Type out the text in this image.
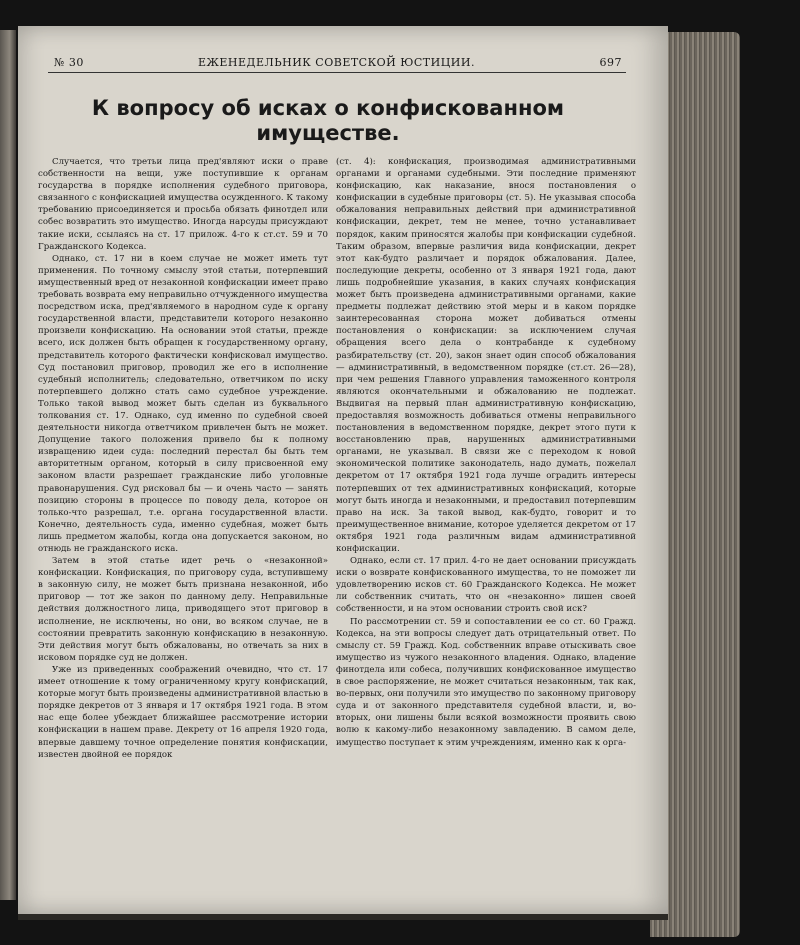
№ 30	ЕЖЕНЕДЕЛЬНИК СОВЕТСКОЙ ЮСТИЦИИ.	697
К вопросу об исках о конфискованном имуществе.

Случается, что третьи лица пред'являют иски о праве собственности на вещи, уже поступившие к органам государства в порядке исполнения судебного приговора, связанного с конфискацией имущества осужденного. К такому требованию присоединяется и просьба обязать финотдел или собес возвратить это имущество. Иногда нарсуды присуждают такие иски, ссылаясь на ст. 17 прилож. 4-го к ст.ст. 59 и 70 Гражданского Кодекса.

Однако, ст. 17 ни в коем случае не может иметь тут применения. По точному смыслу этой статьи, потерпевший имущественный вред от незаконной конфискации имеет право требовать возврата ему неправильно отчужденного имущества посредством иска, пред'являемого в народном суде к органу государственной власти, представители которого незаконно произвели конфискацию. На основании этой статьи, прежде всего, иск должен быть обращен к государственному органу, представитель которого фактически конфисковал имущество. Суд постановил приговор, проводил же его в исполнение судебный исполнитель; следовательно, ответчиком по иску потерпевшего должно стать само судебное учреждение. Только такой вывод может быть сделан из буквального толкования ст. 17. Однако, суд именно по судебной своей деятельности никогда ответчиком привлечен быть не может. Допущение такого положения привело бы к полному извращению идеи суда: последний перестал бы быть тем авторитетным органом, который в силу присвоенной ему законом власти разрешает гражданские либо уголовные правонарушения. Суд рисковал бы — и очень часто — занять позицию стороны в процессе по поводу дела, которое он только-что разрешал, т.е. органа государственной власти. Конечно, деятельность суда, именно судебная, может быть лишь предметом жалобы, когда она допускается законом, но отнюдь не гражданского иска.

Затем в этой статье идет речь о «незаконной» конфискации. Конфискация, по приговору суда, вступившему в законную силу, не может быть признана незаконной, ибо приговор — тот же закон по данному делу. Неправильные действия должностного лица, приводящего этот приговор в исполнение, не исключены, но они, во всяком случае, не в состоянии превратить законную конфискацию в незаконную. Эти действия могут быть обжалованы, но отвечать за них в исковом порядке суд не должен.

Уже из приведенных соображений очевидно, что ст. 17 имеет отношение к тому ограниченному кругу конфискаций, которые могут быть произведены административной властью в порядке декретов от 3 января и 17 октября 1921 года. В этом нас еще более убеждает ближайшее рассмотрение истории конфискации в нашем праве. Декрету от 16 апреля 1920 года, впервые давшему точное определение понятия конфискации, известен двойной ее порядок

(ст. 4): конфискация, производимая административными органами и органами судебными. Эти последние применяют конфискацию, как наказание, внося постановления о конфискации в судебные приговоры (ст. 5). Не указывая способа обжалования неправильных действий при административной конфискации, декрет, тем не менее, точно устанавливает порядок, каким приносятся жалобы при конфискации судебной. Таким образом, впервые различия вида конфискации, декрет этот как-будто различает и порядок обжалования. Далее, последующие декреты, особенно от 3 января 1921 года, дают лишь подробнейшие указания, в каких случаях конфискация может быть произведена административными органами, какие предметы подлежат действию этой меры и в каком порядке заинтересованная сторона может добиваться отмены постановления о конфискации: за исключением случая обращения всего дела о контрабанде к судебному разбирательству (ст. 20), закон знает один способ обжалования — административный, в ведомственном порядке (ст.ст. 26—28), при чем решения Главного управления таможенного контроля являются окончательными и обжалованию не подлежат. Выдвигая на первый план административную конфискацию, предоставляя возможность добиваться отмены неправильного постановления в ведомственном порядке, декрет этого пути к восстановлению прав, нарушенных административными органами, не указывал. В связи же с переходом к новой экономической политике законодатель, надо думать, пожелал декретом от 17 октября 1921 года лучше оградить интересы потерпевших от тех административных конфискаций, которые могут быть иногда и незаконными, и предоставил потерпевшим право на иск. За такой вывод, как-будто, говорит и то преимущественное внимание, которое уделяется декретом от 17 октября 1921 года различным видам административной конфискации.

Однако, если ст. 17 прил. 4-го не дает основании присуждать иски о возврате конфискованного имущества, то не поможет ли удовлетворению исков ст. 60 Гражданского Кодекса. Не может ли собственник считать, что он «незаконно» лишен своей собственности, и на этом основании строить свой иск?

По рассмотрении ст. 59 и сопоставлении ее со ст. 60 Гражд. Кодекса, на эти вопросы следует дать отрицательный ответ. По смыслу ст. 59 Гражд. Код. собственник вправе отыскивать свое имущество из чужого незаконного владения. Однако, владение финотдела или собеса, получивших конфискованное имущество в свое распоряжение, не может считаться незаконным, так как, во-первых, они получили это имущество по законному приговору суда и от законного представителя судебной власти, и, во-вторых, они лишены были всякой возможности проявить свою волю к какому-либо незаконному завладению. В самом деле, имущество поступает к этим учреждениям, именно как к орга-
